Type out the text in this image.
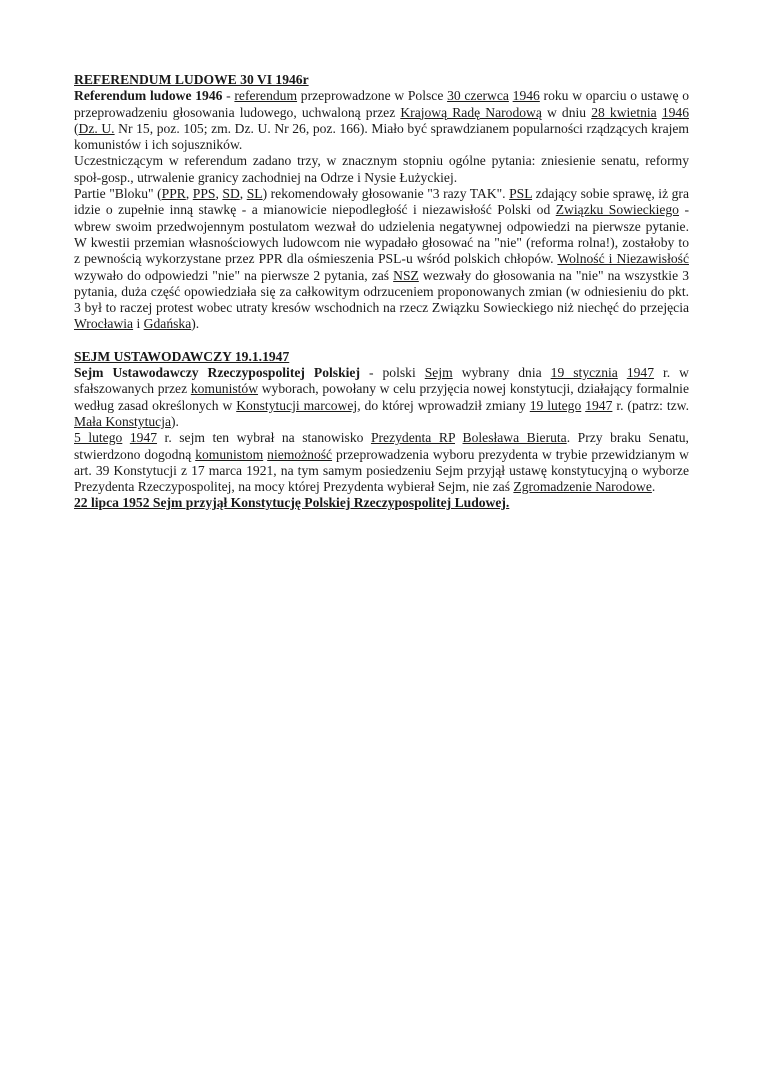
REFERENDUM LUDOWE 30 VI 1946r

Referendum ludowe 1946 - referendum przeprowadzone w Polsce 30 czerwca 1946 roku w oparciu o ustawę o przeprowadzeniu głosowania ludowego, uchwaloną przez Krajową Radę Narodową w dniu 28 kwietnia 1946 (Dz. U. Nr 15, poz. 105; zm. Dz. U. Nr 26, poz. 166). Miało być sprawdzianem popularności rządzących krajem komunistów i ich sojuszników.

Uczestniczącym w referendum zadano trzy, w znacznym stopniu ogólne pytania: zniesienie senatu, reformy społ-gosp., utrwalenie granicy zachodniej na Odrze i Nysie Łużyckiej.

Partie "Bloku" (PPR, PPS, SD, SL) rekomendowały głosowanie "3 razy TAK". PSL zdający sobie sprawę, iż gra idzie o zupełnie inną stawkę - a mianowicie niepodległość i niezawisłość Polski od Związku Sowieckiego - wbrew swoim przedwojennym postulatom wezwał do udzielenia negatywnej odpowiedzi na pierwsze pytanie. W kwestii przemian własnościowych ludowcom nie wypadało głosować na "nie" (reforma rolna!), zostałoby to z pewnością wykorzystane przez PPR dla ośmieszenia PSL-u wśród polskich chłopów. Wolność i Niezawisłość wzywało do odpowiedzi "nie" na pierwsze 2 pytania, zaś NSZ wezwały do głosowania na "nie" na wszystkie 3 pytania, duża część opowiedziała się za całkowitym odrzuceniem proponowanych zmian (w odniesieniu do pkt. 3 był to raczej protest wobec utraty kresów wschodnich na rzecz Związku Sowieckiego niż niechęć do przejęcia Wrocławia i Gdańska).

SEJM USTAWODAWCZY 19.1.1947

Sejm Ustawodawczy Rzeczypospolitej Polskiej - polski Sejm wybrany dnia 19 stycznia 1947 r. w sfałszowanych przez komunistów wyborach, powołany w celu przyjęcia nowej konstytucji, działający formalnie według zasad określonych w Konstytucji marcowej, do której wprowadził zmiany 19 lutego 1947 r. (patrz: tzw. Mała Konstytucja).

5 lutego 1947 r. sejm ten wybrał na stanowisko Prezydenta RP Bolesława Bieruta. Przy braku Senatu, stwierdzono dogodną komunistom niemożność przeprowadzenia wyboru prezydenta w trybie przewidzianym w art. 39 Konstytucji z 17 marca 1921, na tym samym posiedzeniu Sejm przyjął ustawę konstytucyjną o wyborze Prezydenta Rzeczypospolitej, na mocy której Prezydenta wybierał Sejm, nie zaś Zgromadzenie Narodowe.

22 lipca 1952 Sejm przyjął Konstytucję Polskiej Rzeczypospolitej Ludowej.
